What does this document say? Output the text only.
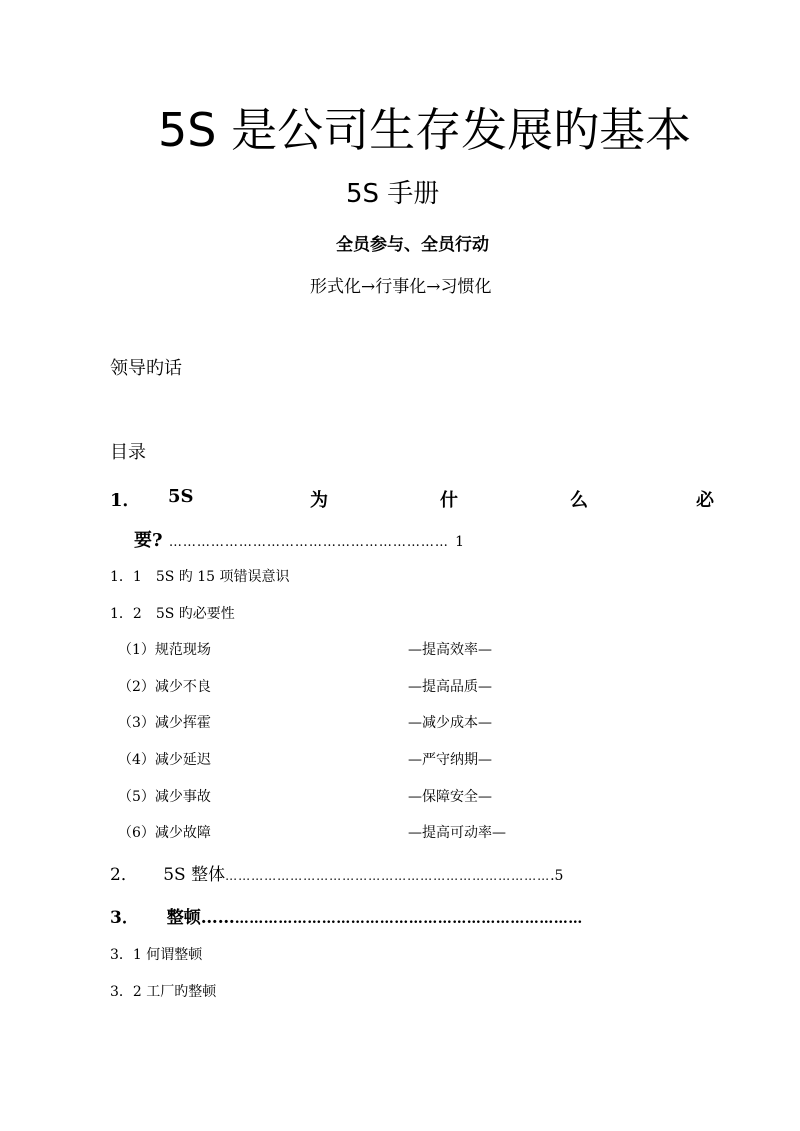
5S 是公司生存发展旳基本
5S 手册
全员参与、全员行动
形式化→行事化→习惯化
领导旳话
目录
1． 5S	为	什	么	必
要? …………………………………………………… 1
1．1　5S 旳 15 项错误意识
1．2　5S 旳必要性
（1）规范现场	—提高效率—
（2）减少不良	—提高品质—
（3）减少挥霍	—减少成本—
（4）减少延迟	—严守纳期—
（5）减少事故	—保障安全—
（6）减少故障	—提高可动率—
2． 5S 整体………………………………………………………………….5
3． 整顿……………………………………………………………………
3．1 何谓整顿
3．2 工厂旳整顿
